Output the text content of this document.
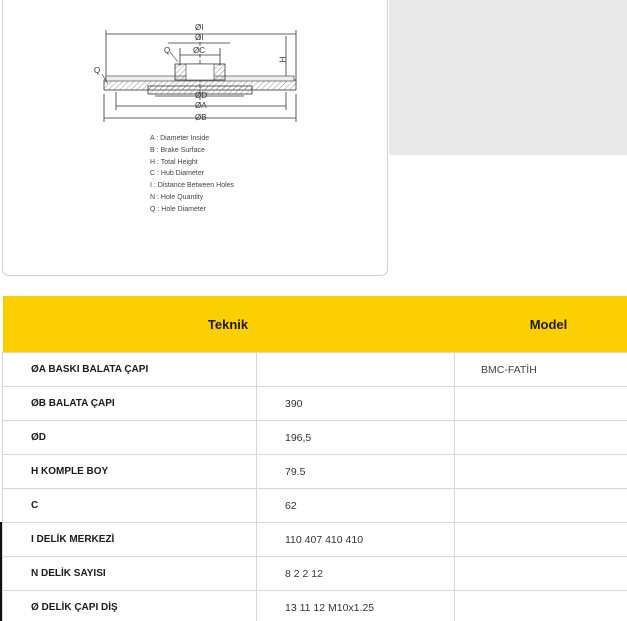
ØI
ØI
ØC
Q
Q
H
ØD
ØA
ØB
A : Diameter Inside
B : Brake Surface
H : Total Height
C : Hub Diameter
I : Distance Between Holes
N : Hole Quantity
Q : Hole Diameter
Teknik		Model
ØA BASKI BALATA ÇAPI		BMC-FATİH
ØB BALATA ÇAPI	390	
ØD	196,5	
H KOMPLE BOY	79.5	
C	62	
I DELİK MERKEZİ	110 407 410 410	
N DELİK SAYISI	8 2 2 12	
Ø DELİK ÇAPI DİŞ	13 11 12 M10x1.25	
